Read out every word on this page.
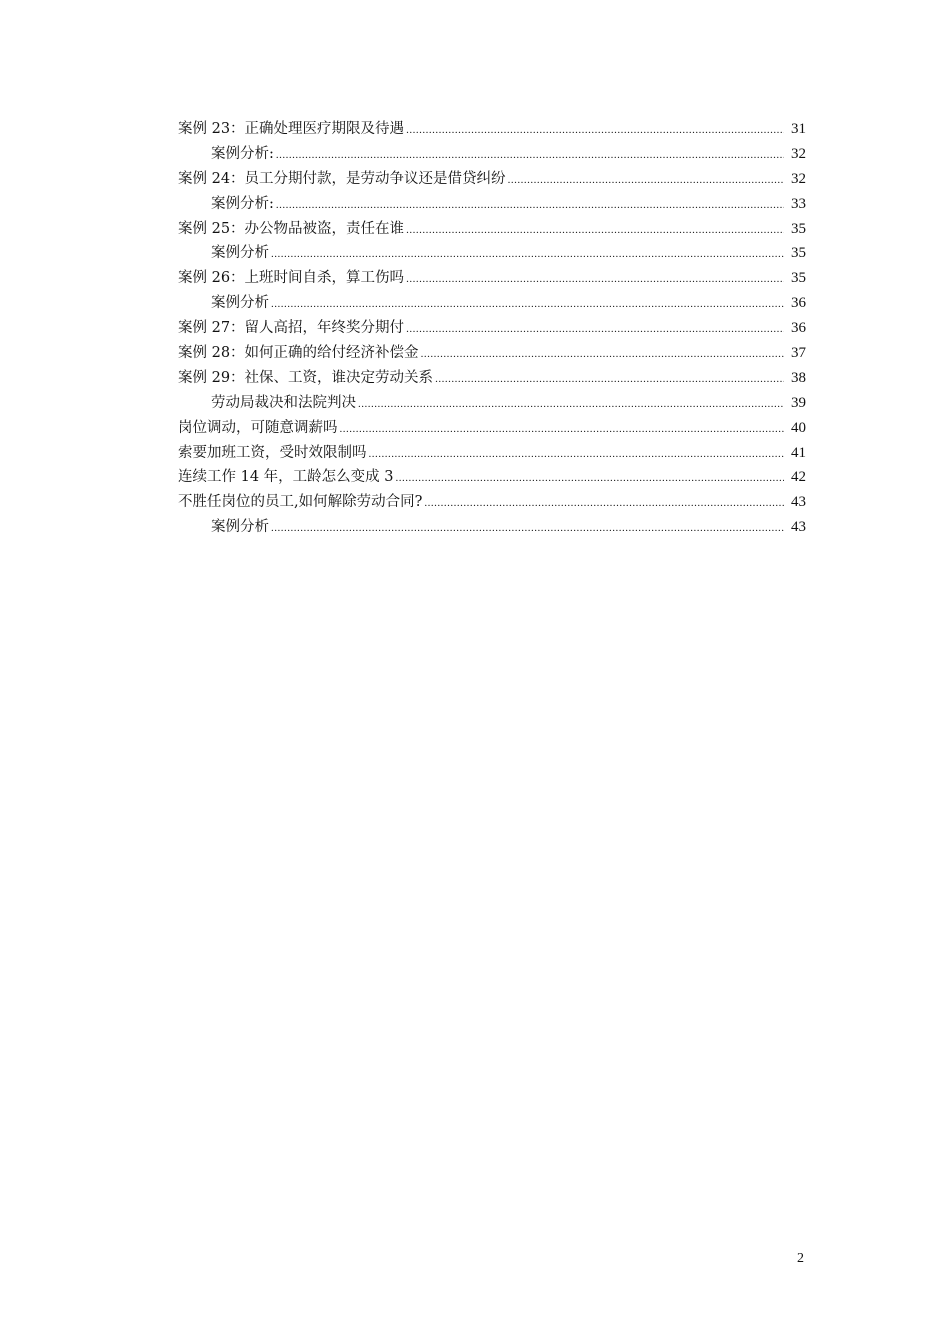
案例 23：正确处理医疗期限及待遇 .....	31
案例分析: .....	32
案例 24：员工分期付款，是劳动争议还是借贷纠纷 .....	32
案例分析: .....	33
案例 25：办公物品被盗，责任在谁 .....	35
案例分析 .....	35
案例 26：上班时间自杀，算工伤吗 .....	35
案例分析 .....	36
案例 27：留人高招，年终奖分期付 .....	36
案例 28：如何正确的给付经济补偿金 .....	37
案例 29：社保、工资，谁决定劳动关系 .....	38
劳动局裁决和法院判决 .....	39
岗位调动，可随意调薪吗 .....	40
索要加班工资，受时效限制吗 .....	41
连续工作 14 年，工龄怎么变成 3 .....	42
不胜任岗位的员工,如何解除劳动合同? .....	43
案例分析 .....	43
2
